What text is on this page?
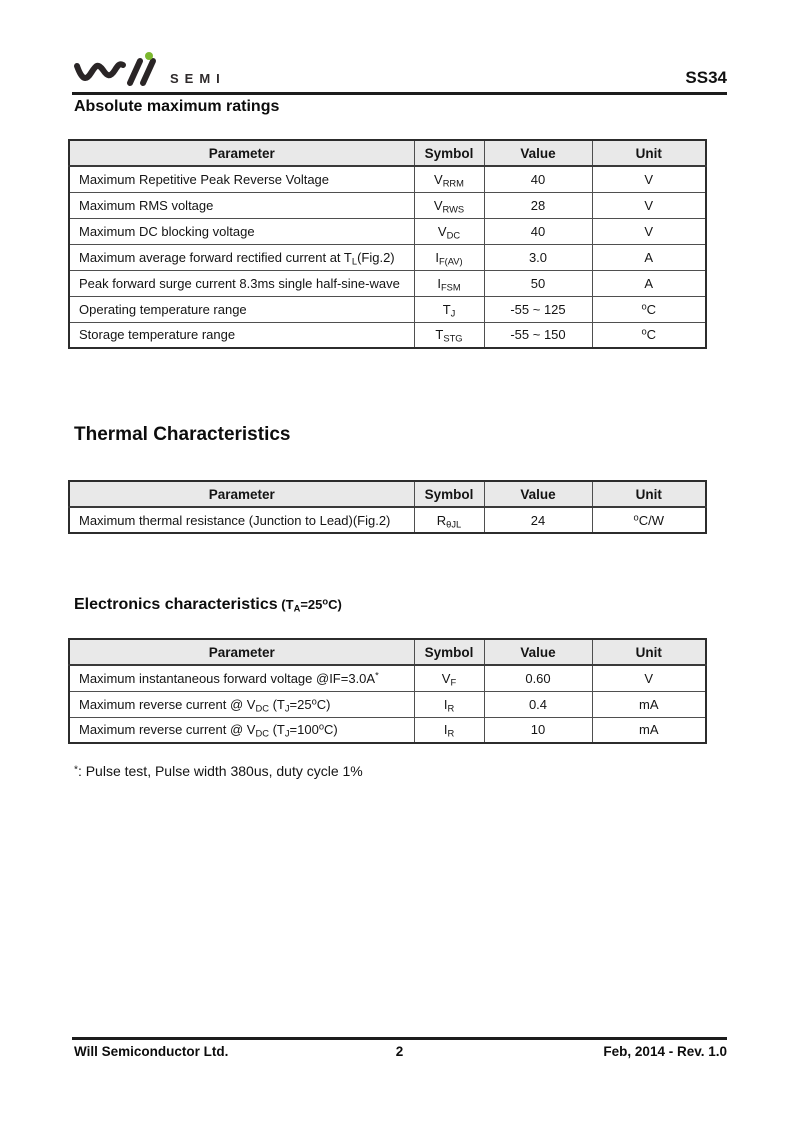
SEMI	SS34
Absolute maximum ratings
Parameter	Symbol	Value	Unit
Maximum Repetitive Peak Reverse Voltage	$V_{RRM}$	40	V
Maximum RMS voltage	$V_{RWS}$	28	V
Maximum DC blocking voltage	$V_{DC}$	40	V
Maximum average forward rectified current at $T_L(Fig.2)$	$I_{F(AV)}$	3.0	A
Peak forward surge current 8.3ms single half-sine-wave	$I_{FSM}$	50	A
Operating temperature range	$T_J$	-55 ~ 125	$^o$C
Storage temperature range	$T_{STG}$	-55 ~ 150	$^o$C
Thermal Characteristics
Parameter	Symbol	Value	Unit
Maximum thermal resistance (Junction to Lead)(Fig.2)	$R_{\theta JL}$	24	$^o$C/W
Electronics characteristics $(T_A=25^oC)$
Parameter	Symbol	Value	Unit
Maximum instantaneous forward voltage @IF=3.0A*	$V_F$	0.60	V
Maximum reverse current @ $V_{DC}$ $(T_J=25^oC)$	$I_R$	0.4	mA
Maximum reverse current @ $V_{DC}$ $(T_J=100^oC)$	$I_R$	10	mA
*: Pulse test, Pulse width 380us, duty cycle 1%
Will Semiconductor Ltd.	2	Feb, 2014 - Rev. 1.0
